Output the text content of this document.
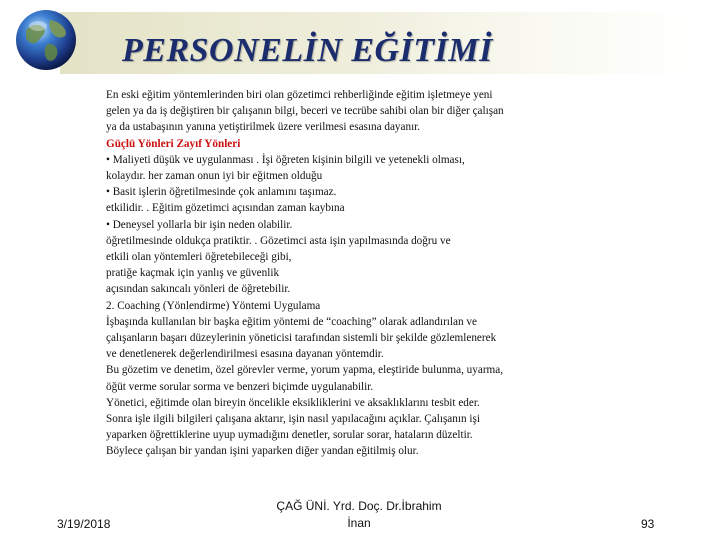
PERSONELİN EĞİTİMİ
En eski eğitim yöntemlerinden biri olan gözetimci rehberliğinde eğitim işletmeye yeni
gelen ya da iş değiştiren bir çalışanın bilgi, beceri ve tecrübe sahibi olan bir diğer çalışan
ya da ustabaşının yanına yetiştirilmek üzere verilmesi esasına dayanır.
Güçlü Yönleri Zayıf Yönleri
• Maliyeti düşük ve uygulanması . İşi öğreten kişinin bilgili ve yetenekli olması,
kolaydır. her zaman onun iyi bir eğitmen olduğu
• Basit işlerin öğretilmesinde çok anlamını taşımaz.
etkilidir. . Eğitim gözetimci açısından zaman kaybına
• Deneysel yollarla bir işin neden olabilir.
öğretilmesinde oldukça pratiktir. . Gözetimci asta işin yapılmasında doğru ve
etkili olan yöntemleri öğretebileceği gibi,
pratiğe kaçmak için yanlış ve güvenlik
açısından sakıncalı yönleri de öğretebilir.
2. Coaching (Yönlendirme) Yöntemi Uygulama
İşbaşında kullanılan bir başka eğitim yöntemi de “coaching” olarak adlandırılan ve
çalışanların başarı düzeylerinin yöneticisi tarafından sistemli bir şekilde gözlemlenerek
ve denetlenerek değerlendirilmesi esasına dayanan yöntemdir.
Bu gözetim ve denetim, özel görevler verme, yorum yapma, eleştiride bulunma, uyarma,
öğüt verme sorular sorma ve benzeri biçimde uygulanabilir.
Yönetici, eğitimde olan bireyin öncelikle eksikliklerini ve aksaklıklarını tesbit eder.
Sonra işle ilgili bilgileri çalışana aktarır, işin nasıl yapılacağını açıklar. Çalışanın işi
yaparken öğrettiklerine uyup uymadığını denetler, sorular sorar, hataların düzeltir.
Böylece çalışan bir yandan işini yaparken diğer yandan eğitilmiş olur.
3/19/2018
ÇAĞ ÜNİ. Yrd. Doç. Dr.İbrahim
İnan	93
